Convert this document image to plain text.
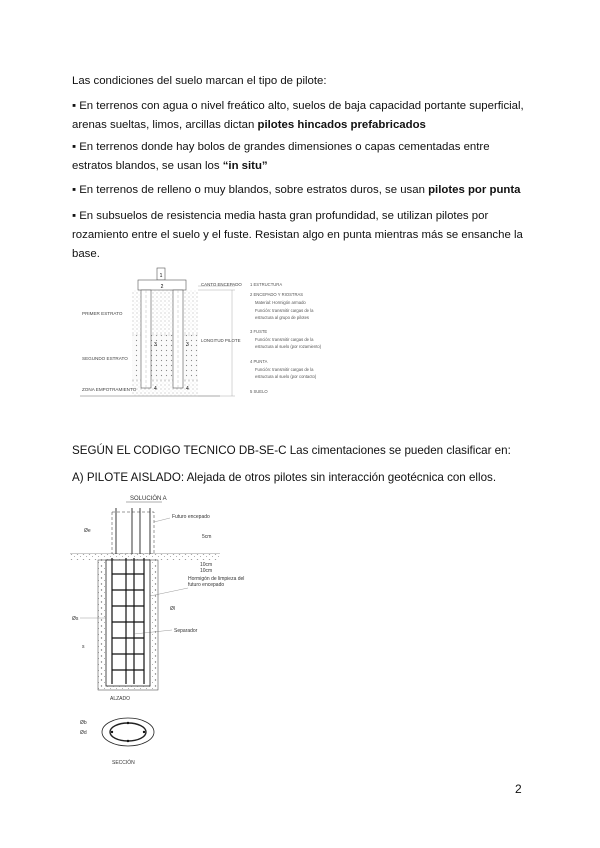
Las condiciones del suelo marcan el tipo de pilote:

▪ En terrenos con agua o nivel freático alto, suelos de baja capacidad portante superficial, arenas sueltas, limos, arcillas dictan pilotes hincados prefabricados

▪ En terrenos donde hay bolos de grandes dimensiones o capas cementadas entre estratos blandos, se usan los “in situ”

▪ En terrenos de relleno o muy blandos, sobre estratos duros, se usan pilotes por punta

▪ En subsuelos de resistencia media hasta gran profundidad, se utilizan pilotes por rozamiento entre el suelo y el fuste. Resistan algo en punta mientras más se ensanche la base.

1
2
3	3
4	4
PRIMER ESTRATO
SEGUNDO ESTRATO
ZONA EMPOTRAMIENTO
CANTO ENCEPADO
LONGITUD PILOTE
1 ESTRUCTURA
2 ENCEPADO Y RIOSTRAS
Material: Hormigón armado
Función: transmitir cargas de la
estructura al grupo de pilotes
3 FUSTE
Función: transmitir cargas de la
estructura al suelo (por rozamiento)
4 PUNTA
Función: transmitir cargas de la
estructura al suelo (por contacto)
5 SUELO

SEGÚN EL CODIGO TECNICO DB-SE-C Las cimentaciones se pueden clasificar en:

A) PILOTE AISLADO: Alejada de otros pilotes sin interacción geotécnica con ellos.

SOLUCIÓN A
Futuro encepado
5cm
10cm
10cm
Hormigón de limpieza del futuro encepado
Øl
Separador
Øe
Øs
s
ALZADO
Øb
Ød
SECCIÓN
2
